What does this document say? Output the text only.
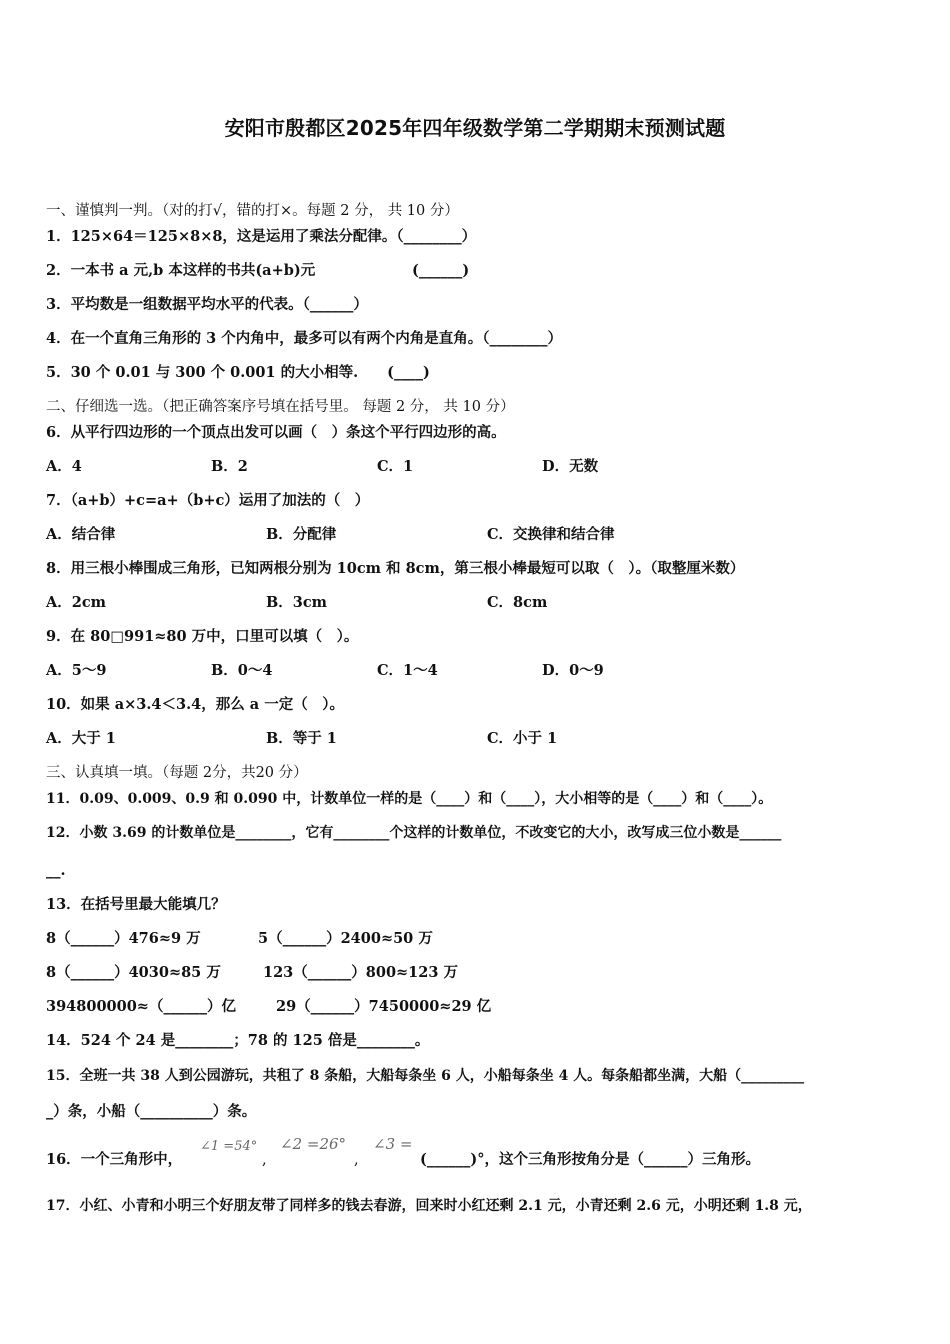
安阳市殷都区2025年四年级数学第二学期期末预测试题
一、谨慎判一判。（对的打√，错的打×。每题 2 分， 共 10 分）
1．125×64＝125×8×8，这是运用了乘法分配律。（________）
2．一本书 a 元,b 本这样的书共(a+b)元	(______)
3．平均数是一组数据平均水平的代表。（______）
4．在一个直角三角形的 3 个内角中，最多可以有两个内角是直角。（________）
5．30 个 0.01 与 300 个 0.001 的大小相等.　　(____)
二、仔细选一选。（把正确答案序号填在括号里。 每题 2 分， 共 10 分）
6．从平行四边形的一个顶点出发可以画（　）条这个平行四边形的高。
A．4	B．2	C．1	D．无数
7．（a+b）+c=a+（b+c）运用了加法的（　）
A．结合律	B．分配律	C．交换律和结合律
8．用三根小棒围成三角形，已知两根分别为 10cm 和 8cm，第三根小棒最短可以取（　）。（取整厘米数）
A．2cm	B．3cm	C．8cm
9．在 80□991≈80 万中，口里可以填（　）。
A．5～9	B．0～4	C．1～4	D．0～9
10．如果 a×3.4＜3.4，那么 a 一定（　）。
A．大于 1	B．等于 1	C．小于 1
三、认真填一填。（每题 2分，共20 分）
11．0.09、0.009、0.9 和 0.090 中，计数单位一样的是（____）和（____），大小相等的是（____）和（____）。
12．小数 3.69 的计数单位是________，它有________个这样的计数单位，不改变它的大小，改写成三位小数是______
__.
13．在括号里最大能填几？
8（______）476≈9 万	5（______）2400≈50 万
8（______）4030≈85 万	123（______）800≈123 万
394800000≈（______）亿	29（______）7450000≈29 亿
14．524 个 24 是________；78 的 125 倍是________。
15．全班一共 38 人到公园游玩，共租了 8 条船，大船每条坐 6 人，小船每条坐 4 人。每条船都坐满，大船（_________
_）条，小船（__________）条。
16．一个三角形中，
∠1 =54°
,
∠2 =26°
,
∠3 =
(______)°，这个三角形按角分是（______）三角形。
17．小红、小青和小明三个好朋友带了同样多的钱去春游，回来时小红还剩 2.1 元，小青还剩 2.6 元，小明还剩 1.8 元，
